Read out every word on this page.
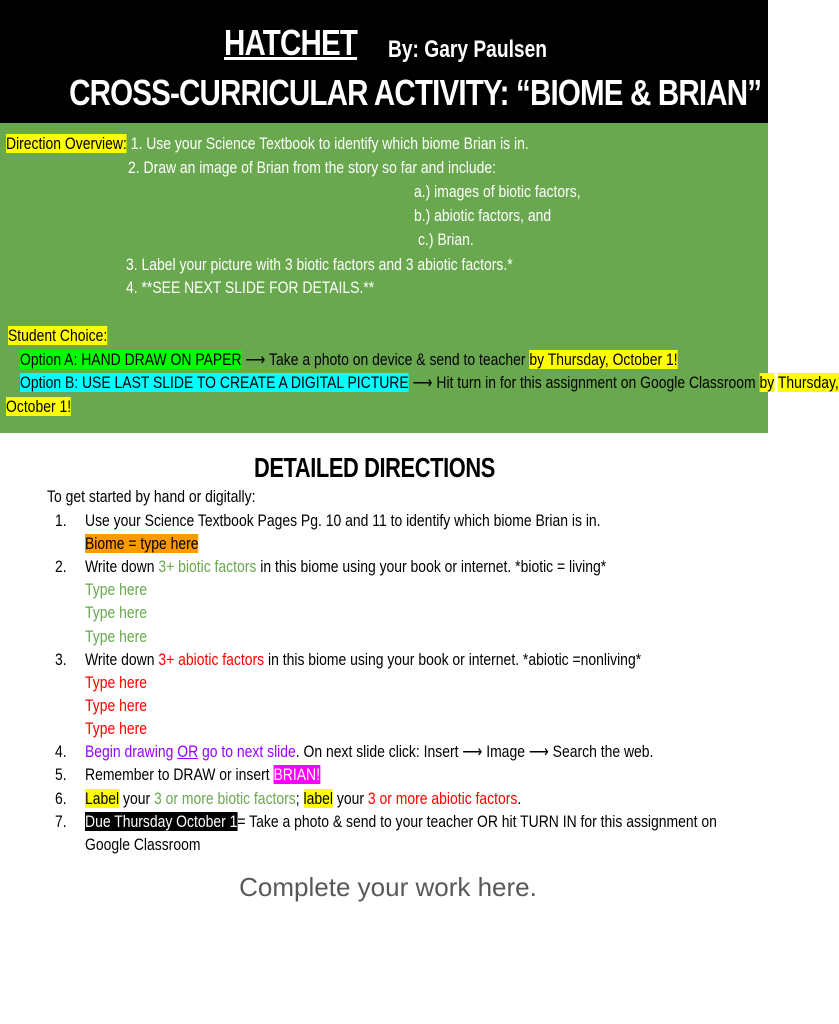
HATCHET By: Gary Paulsen
CROSS-CURRICULAR ACTIVITY: “BIOME & BRIAN”
Direction Overview: 1. Use your Science Textbook to identify which biome Brian is in.
2. Draw an image of Brian from the story so far and include:
a.) images of biotic factors,
b.) abiotic factors, and
c.) Brian.
3. Label your picture with 3 biotic factors and 3 abiotic factors.*
4. **SEE NEXT SLIDE FOR DETAILS.**
Student Choice:
Option A: HAND DRAW ON PAPER ⟶ Take a photo on device & send to teacher by Thursday, October 1!
Option B: USE LAST SLIDE TO CREATE A DIGITAL PICTURE ⟶ Hit turn in for this assignment on Google Classroom by Thursday,
October 1!
DETAILED DIRECTIONS
To get started by hand or digitally:
1. Use your Science Textbook Pages Pg. 10 and 11 to identify which biome Brian is in.
Biome = type here
2. Write down 3+ biotic factors in this biome using your book or internet. *biotic = living*
Type here
Type here
Type here
3. Write down 3+ abiotic factors in this biome using your book or internet. *abiotic =nonliving*
Type here
Type here
Type here
4. Begin drawing OR go to next slide. On next slide click: Insert ⟶ Image ⟶ Search the web.
5. Remember to DRAW or insert BRIAN!
6. Label your 3 or more biotic factors; label your 3 or more abiotic factors.
7. Due Thursday October 1= Take a photo & send to your teacher OR hit TURN IN for this assignment on
Google Classroom
Complete your work here.
